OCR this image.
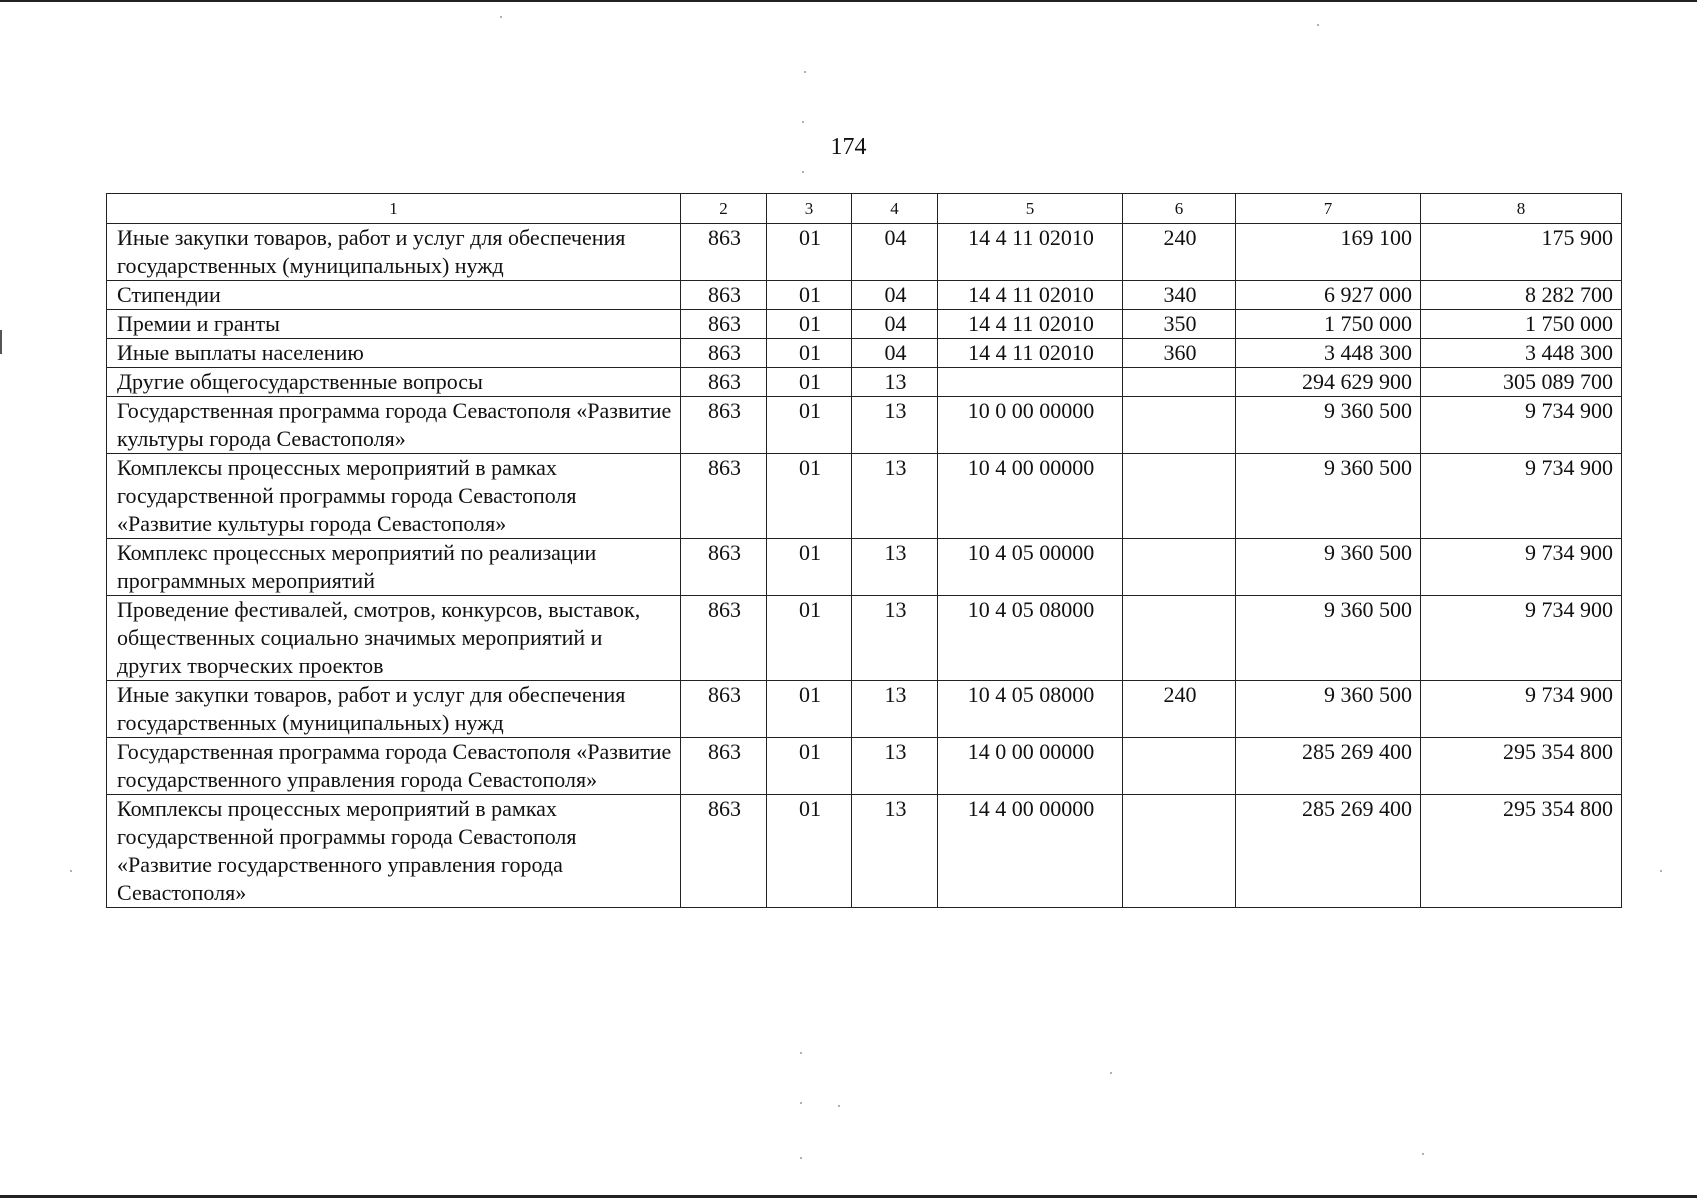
174
1	2	3	4	5	6	7	8
Иные закупки товаров, работ и услуг для обеспечения государственных (муниципальных) нужд	863	01	04	14 4 11 02010	240	169 100	175 900
Стипендии	863	01	04	14 4 11 02010	340	6 927 000	8 282 700
Премии и гранты	863	01	04	14 4 11 02010	350	1 750 000	1 750 000
Иные выплаты населению	863	01	04	14 4 11 02010	360	3 448 300	3 448 300
Другие общегосударственные вопросы	863	01	13			294 629 900	305 089 700
Государственная программа города Севастополя «Развитие культуры города Севастополя»	863	01	13	10 0 00 00000		9 360 500	9 734 900
Комплексы процессных мероприятий в рамках государственной программы города Севастополя «Развитие культуры города Севастополя»	863	01	13	10 4 00 00000		9 360 500	9 734 900
Комплекс процессных мероприятий по реализации программных мероприятий	863	01	13	10 4 05 00000		9 360 500	9 734 900
Проведение фестивалей, смотров, конкурсов, выставок, общественных социально значимых мероприятий и других творческих проектов	863	01	13	10 4 05 08000		9 360 500	9 734 900
Иные закупки товаров, работ и услуг для обеспечения государственных (муниципальных) нужд	863	01	13	10 4 05 08000	240	9 360 500	9 734 900
Государственная программа города Севастополя «Развитие государственного управления города Севастополя»	863	01	13	14 0 00 00000		285 269 400	295 354 800
Комплексы процессных мероприятий в рамках государственной программы города Севастополя «Развитие государственного управления города Севастополя»	863	01	13	14 4 00 00000		285 269 400	295 354 800
